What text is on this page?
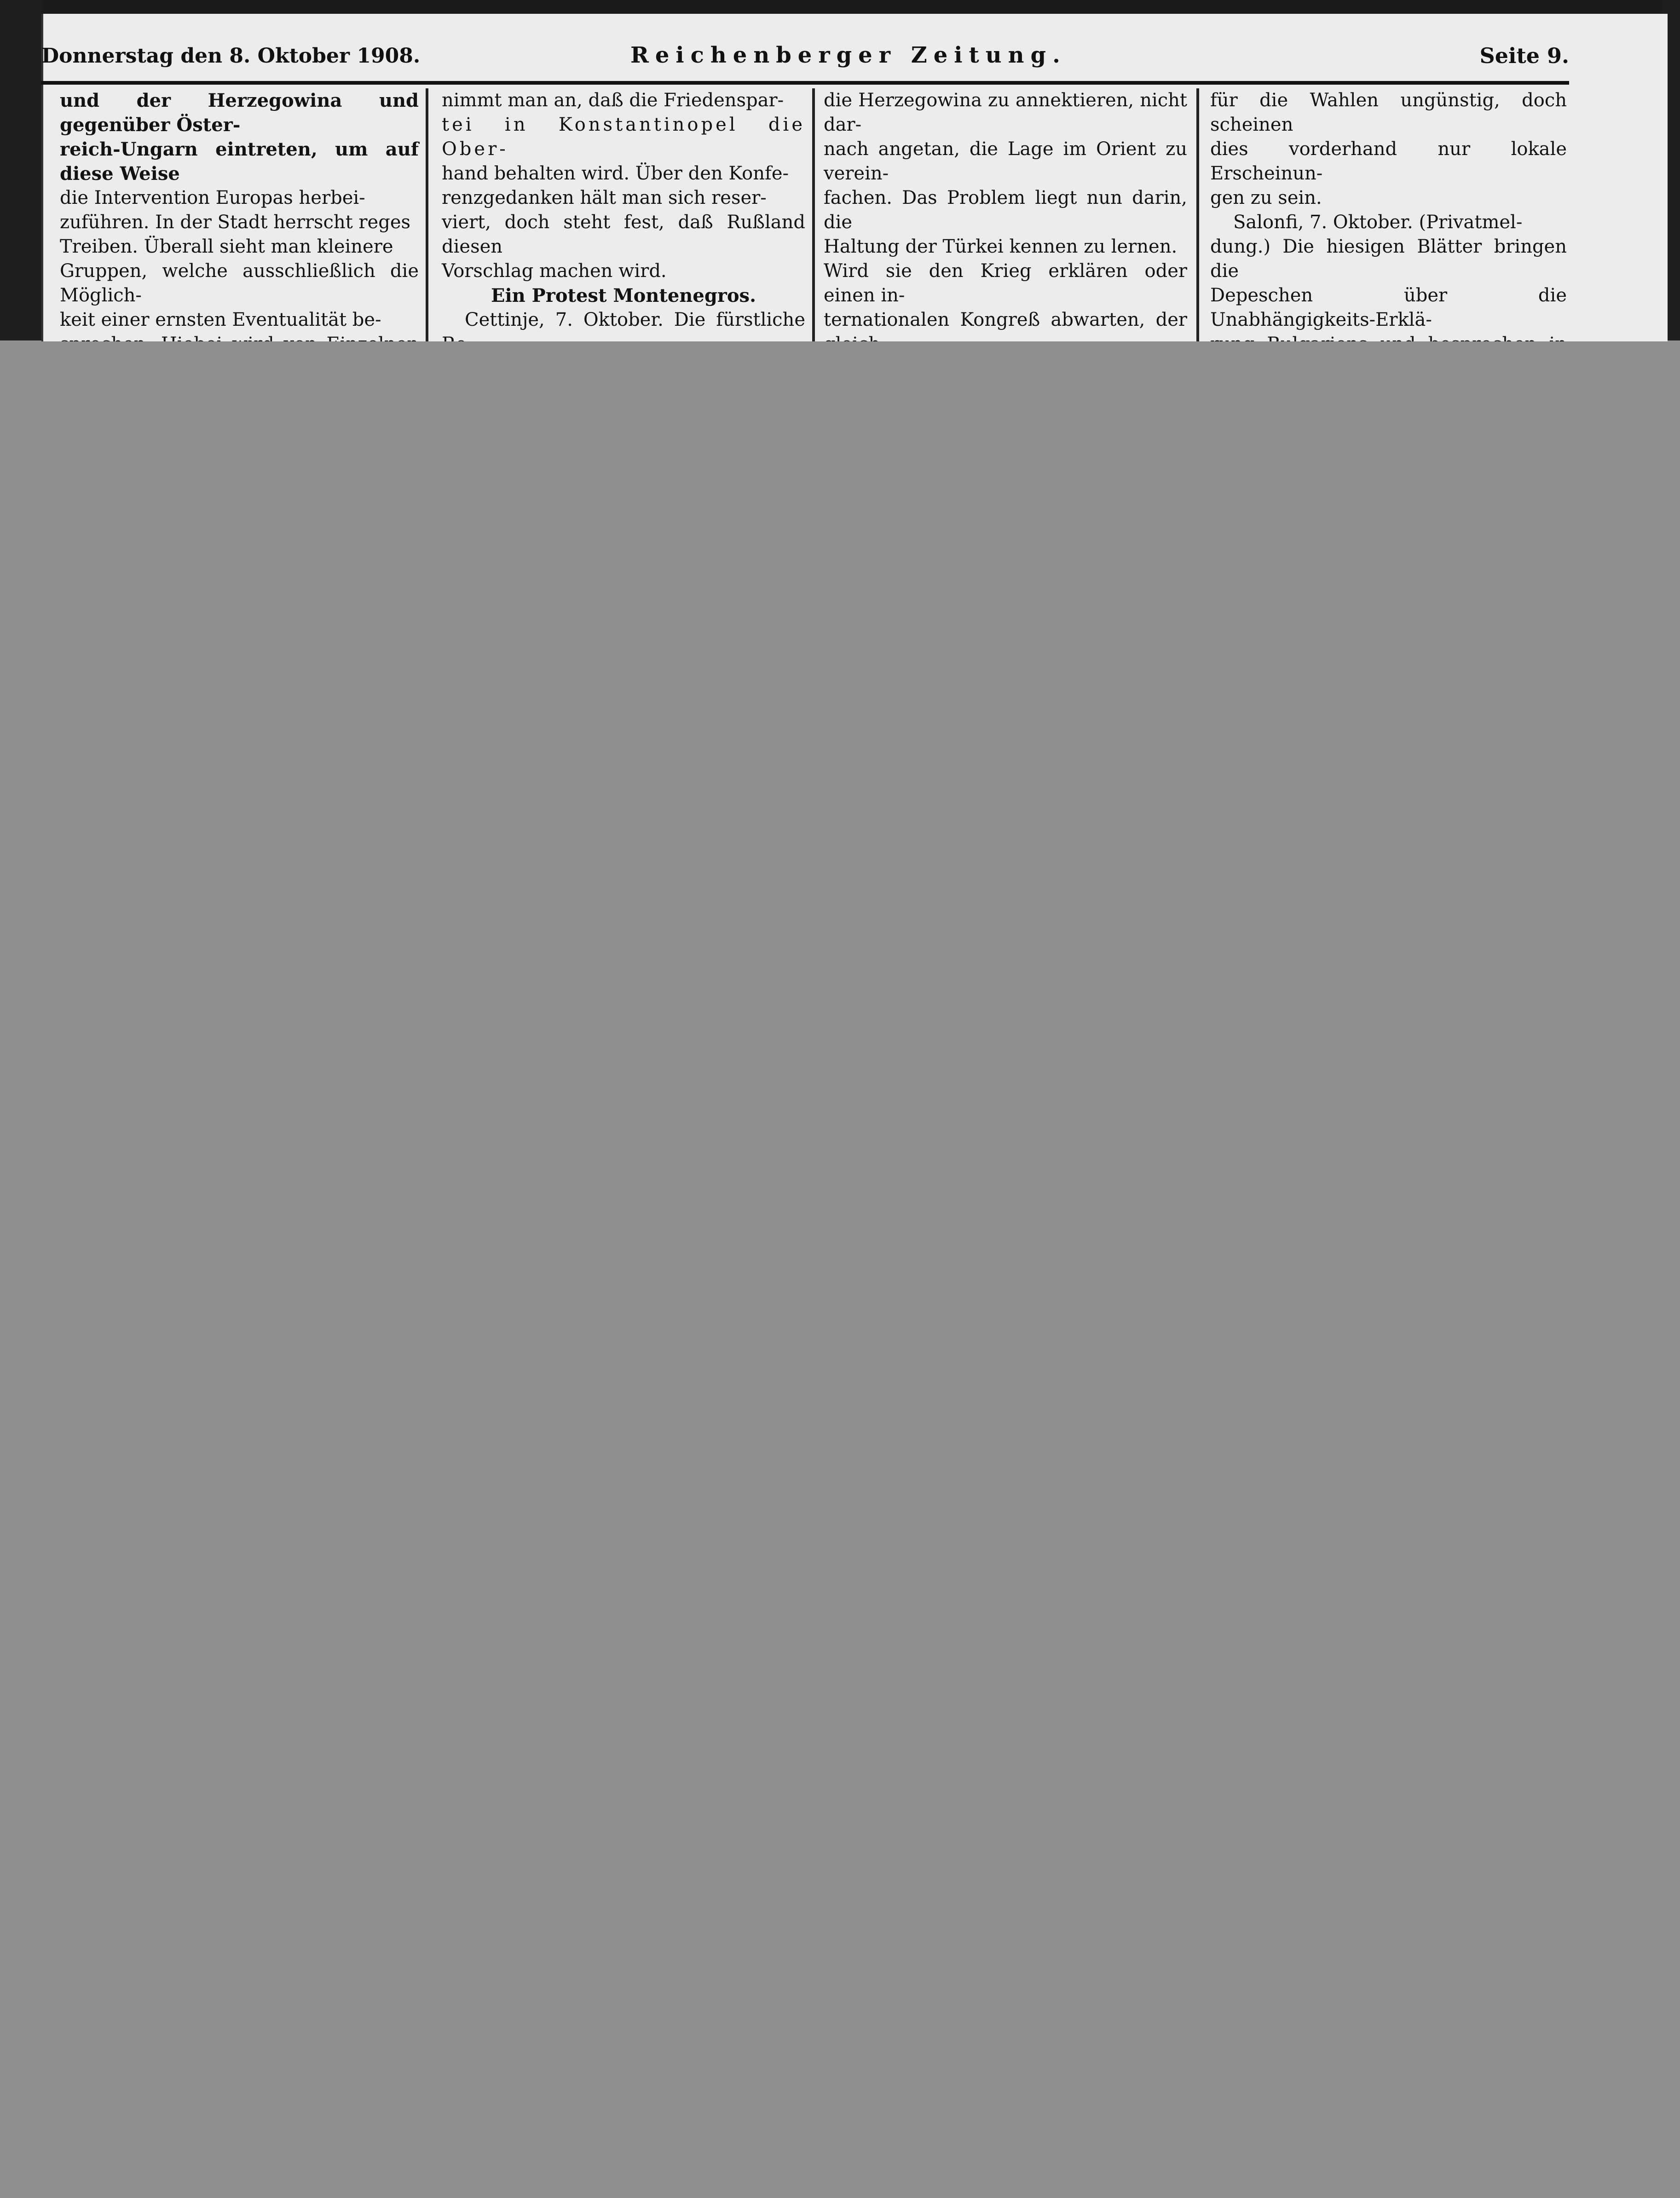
Donnerstag den 8. Oktober 1908.	Reichenberger Zeitung.	Seite 9.

und der Herzegowina und gegenüber Öster-

reich-Ungarn eintreten, um auf diese Weise

die Intervention Europas herbei-

zuführen. In der Stadt herrscht reges

Treiben. Überall sieht man kleinere

Gruppen, welche ausschließlich die Möglich-

keit einer ernsten Eventualität be-

nimmt man an, daß die Friedenspar-

tei in Konstantinopel die Ober-

hand behalten wird. Über den Konfe-

renzgedanken hält man sich reser-

viert, doch steht fest, daß Rußland diesen

Vorschlag machen wird.

Ein Protest Montenegros.

Cettinje, 7. Oktober. Die fürstliche

die Herzegowina zu annektieren, nicht dar-

nach angetan, die Lage im Orient zu verein-

fachen. Das Problem liegt nun darin, die

Haltung der Türkei kennen zu lernen.

Wird sie den Krieg erklären oder einen in-

ternationalen Kongreß abwarten, der

für die Wahlen ungünstig, doch scheinen

dies vorderhand nur lokale Erscheinun-

gen zu sein.

Salonfi, 7. Oktober. (Privatmel-

dung.) Die hiesigen Blätter bringen die

Depeschen über die Unabhängigkeits-Erklä-
